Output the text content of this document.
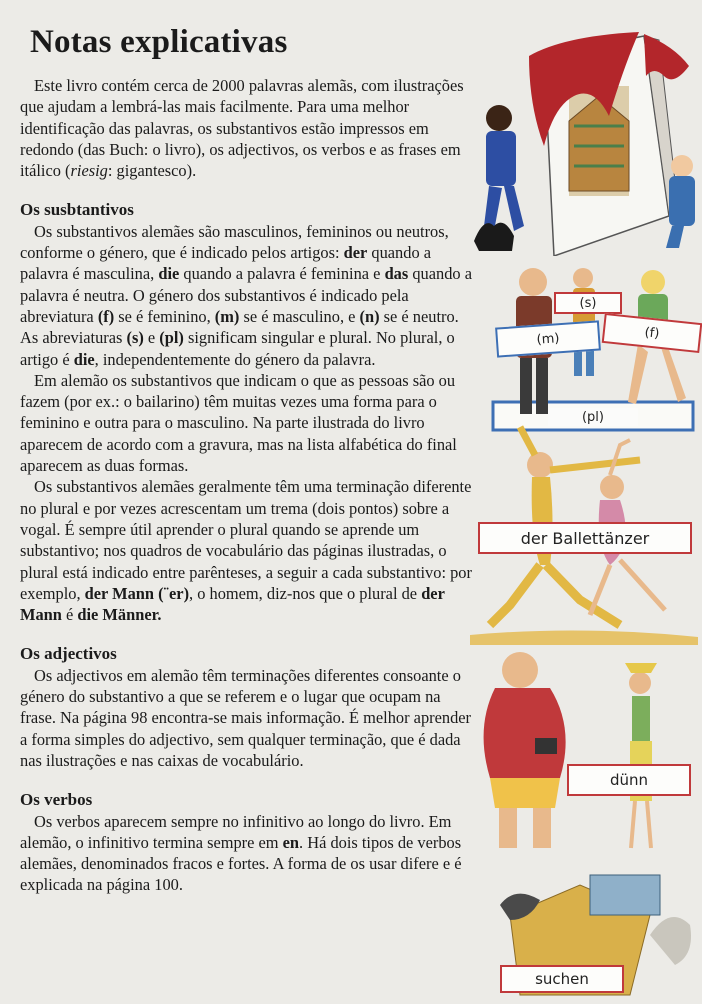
Notas explicativas

Este livro contém cerca de 2000 palavras alemãs, com ilustrações que ajudam a lembrá-las mais facilmente. Para uma melhor identificação das palavras, os substantivos estão impressos em redondo (das Buch: o livro), os adjectivos, os verbos e as frases em itálico (riesig: gigantesco).

Os susbtantivos

Os substantivos alemães são masculinos, femininos ou neutros, conforme o género, que é indicado pelos artigos: der quando a palavra é masculina, die quando a palavra é feminina e das quando a palavra é neutra. O género dos substantivos é indicado pela abreviatura (f) se é feminino, (m) se é masculino, e (n) se é neutro. As abreviaturas (s) e (pl) significam singular e plural. No plural, o artigo é die, independentemente do género da palavra.

Em alemão os substantivos que indicam o que as pessoas são ou fazem (por ex.: o bailarino) têm muitas vezes uma forma para o feminino e outra para o masculino. Na parte ilustrada do livro aparecem de acordo com a gravura, mas na lista alfabética do final aparecem as duas formas.

Os substantivos alemães geralmente têm uma terminação diferente no plural e por vezes acrescentam um trema (dois pontos) sobre a vogal. É sempre útil aprender o plural quando se aprende um substantivo; nos quadros de vocabulário das páginas ilustradas, o plural está indicado entre parênteses, a seguir a cada substantivo: por exemplo, der Mann (¨er), o homem, diz-nos que o plural de der Mann é die Männer.

Os adjectivos

Os adjectivos em alemão têm terminações diferentes consoante o género do substantivo a que se referem e o lugar que ocupam na frase. Na página 98 encontra-se mais informação. É melhor aprender a forma simples do adjectivo, sem qualquer terminação, que é dada nas ilustrações e nas caixas de vocabulário.

Os verbos

Os verbos aparecem sempre no infinitivo ao longo do livro. Em alemão, o infinitivo termina sempre em en. Há dois tipos de verbos alemães, denominados fracos e fortes. A forma de os usar difere e é explicada na página 100.

(m)
(s)
(f)
(pl)
der Ballettänzer
dünn
suchen
